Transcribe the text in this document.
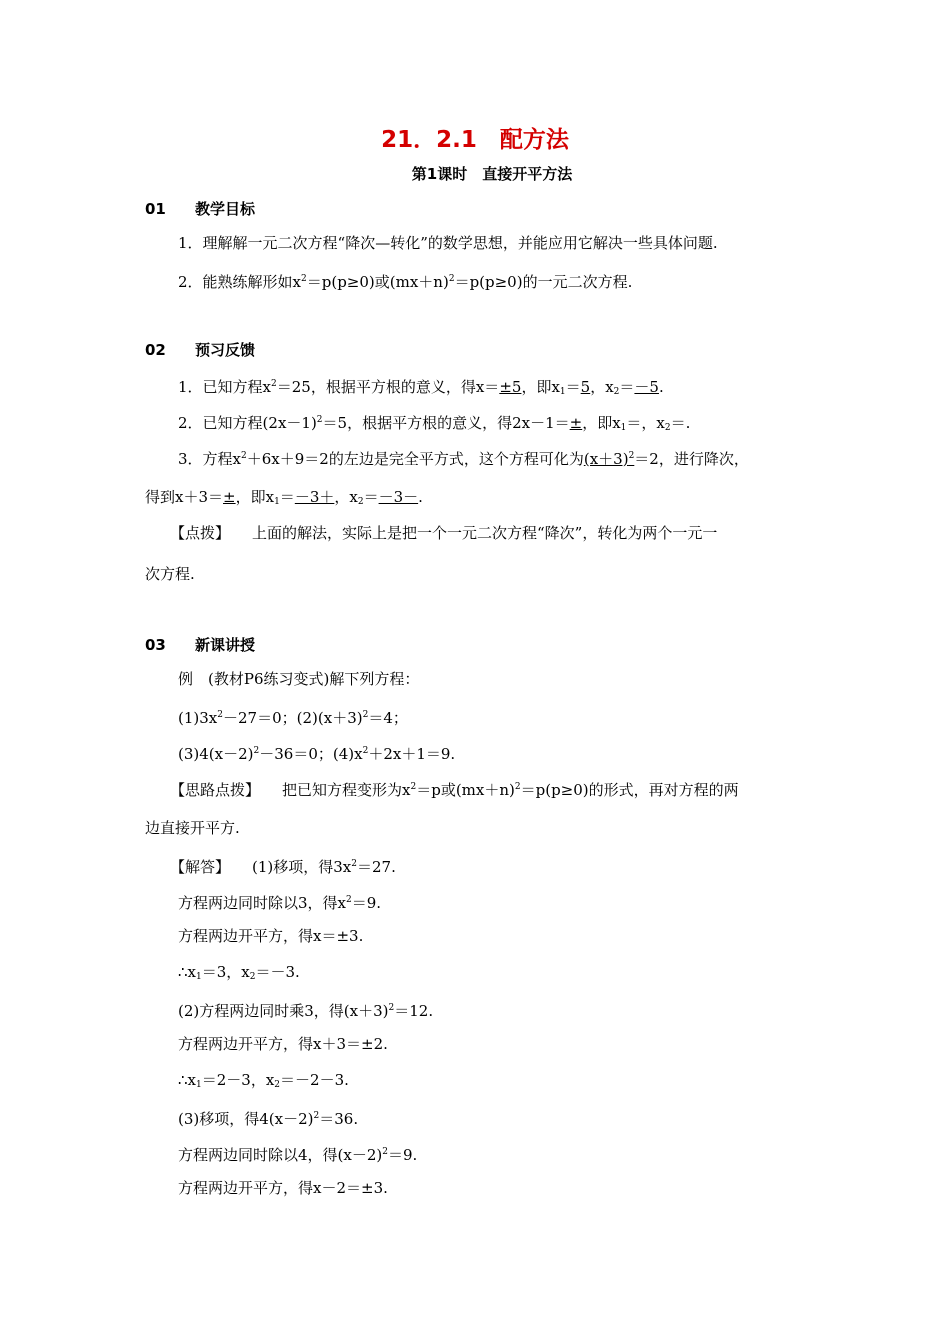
21．2.1　配方法
第1课时　直接开平方法
01 教学目标
1．理解解一元二次方程“降次—转化”的数学思想，并能应用它解决一些具体问题.
2．能熟练解形如$x^2=p(p\ge 0)$或$(mx+n)^2=p(p\ge 0)$的一元二次方程.
02 预习反馈
1．已知方程$x^2=25$，根据平方根的意义，得x＝±5，即$x_1=5$，$x_2=-5$.
2．已知方程$(2x-1)^2=5$，根据平方根的意义，得2x－1＝±，即$x_1=$，$x_2=$.
3．方程$x^2+6x+9=2$的左边是完全平方式，这个方程可化为$(x+3)^2=2$，进行降次，
得到x＋3＝±，即$x_1=-3+$，$x_2=-3-$.
【点拨】 上面的解法，实际上是把一个一元二次方程“降次”，转化为两个一元一
次方程.
03 新课讲授
例　(教材P6练习变式)解下列方程：
$(1)3x^2-27=0$；$(2)(x+3)^2=4$；
$(3)4(x-2)^2-36=0$；$(4)x^2+2x+1=9$.
【思路点拨】 把已知方程变形为$x^2=p$或$(mx+n)^2=p(p\ge 0)$的形式，再对方程的两
边直接开平方.
【解答】 (1)移项，得$3x^2=27$.
方程两边同时除以3，得$x^2=9$.
方程两边开平方，得x＝±3.
$\therefore x_1=3$，$x_2=-3$.
(2)方程两边同时乘3，得$(x+3)^2=12$.
方程两边开平方，得x＋3＝±2.
$\therefore x_1=2-3$，$x_2=-2-3$.
(3)移项，得$4(x-2)^2=36$.
方程两边同时除以4，得$(x-2)^2=9$.
方程两边开平方，得x－2＝±3.
